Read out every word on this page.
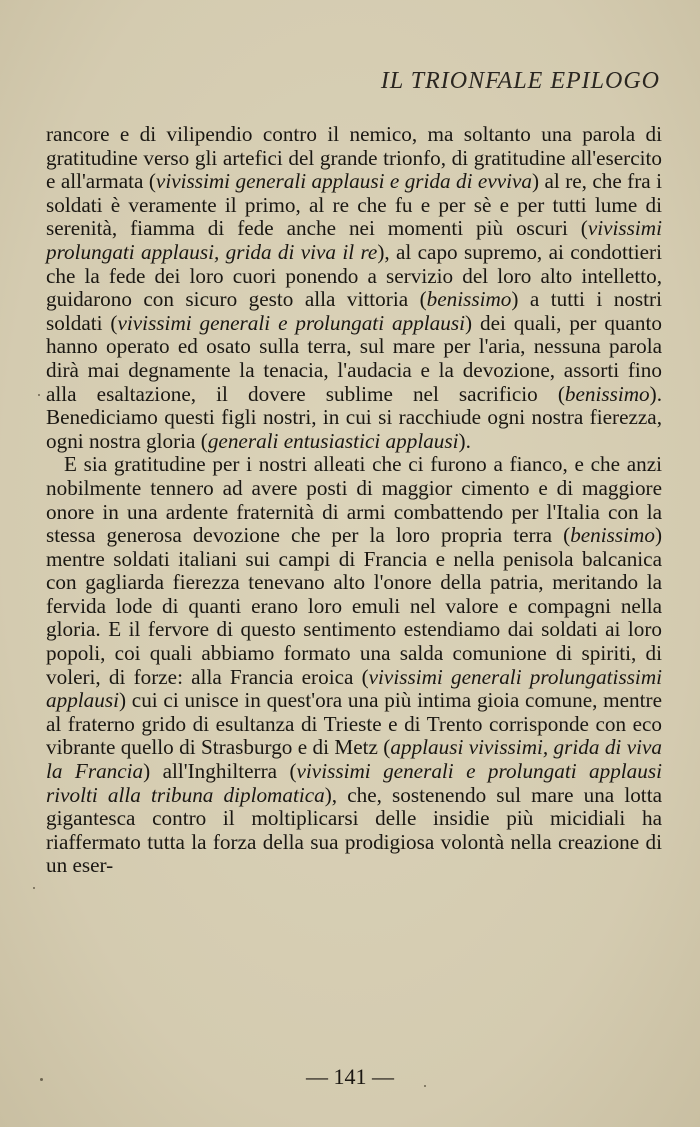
IL TRIONFALE EPILOGO

rancore e di vilipendio contro il nemico, ma soltanto una parola di gratitudine verso gli artefici del grande trionfo, di gratitudine all'esercito e all'armata (vivissimi generali applausi e grida di evviva) al re, che fra i soldati è veramente il primo, al re che fu e per sè e per tutti lume di serenità, fiamma di fede anche nei momenti più oscuri (vivissimi prolungati applausi, grida di viva il re), al capo supremo, ai condottieri che la fede dei loro cuori ponendo a servizio del loro alto intelletto, guidarono con sicuro gesto alla vittoria (benissimo) a tutti i nostri soldati (vivissimi generali e prolungati applausi) dei quali, per quanto hanno operato ed osato sulla terra, sul mare per l'aria, nessuna parola dirà mai degnamente la tenacia, l'audacia e la devozione, assorti fino alla esaltazione, il dovere sublime nel sacrificio (benissimo). Benediciamo questi figli nostri, in cui si racchiude ogni nostra fierezza, ogni nostra gloria (generali entusiastici applausi).

E sia gratitudine per i nostri alleati che ci furono a fianco, e che anzi nobilmente tennero ad avere posti di maggior cimento e di maggiore onore in una ardente fraternità di armi combattendo per l'Italia con la stessa generosa devozione che per la loro propria terra (benissimo) mentre soldati italiani sui campi di Francia e nella penisola balcanica con gagliarda fierezza tenevano alto l'onore della patria, meritando la fervida lode di quanti erano loro emuli nel valore e compagni nella gloria. E il fervore di questo sentimento estendiamo dai soldati ai loro popoli, coi quali abbiamo formato una salda comunione di spiriti, di voleri, di forze: alla Francia eroica (vivissimi generali prolungatissimi applausi) cui ci unisce in quest'ora una più intima gioia comune, mentre al fraterno grido di esultanza di Trieste e di Trento corrisponde con eco vibrante quello di Strasburgo e di Metz (applausi vivissimi, grida di viva la Francia) all'Inghilterra (vivissimi generali e prolungati applausi rivolti alla tribuna diplomatica), che, sostenendo sul mare una lotta gigantesca contro il moltiplicarsi delle insidie più micidiali ha riaffermato tutta la forza della sua prodigiosa volontà nella creazione di un eser-

— 141 —
